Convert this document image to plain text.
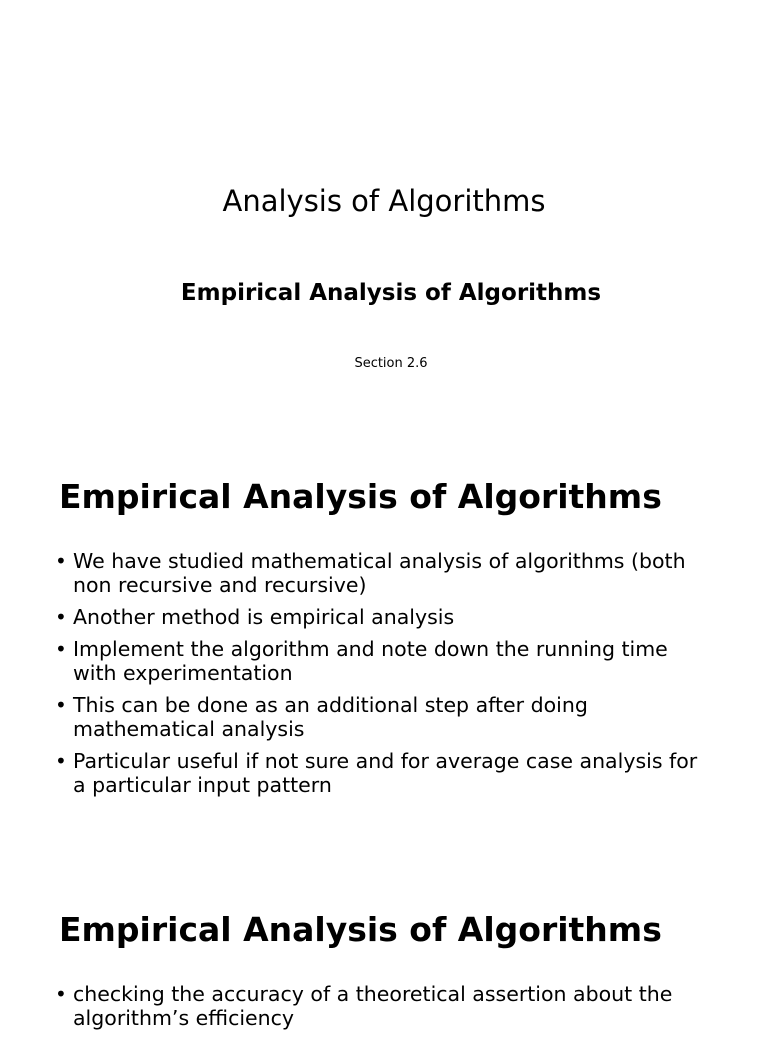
Analysis of Algorithms
Empirical Analysis of Algorithms
Section 2.6
Empirical Analysis of Algorithms
• We have studied mathematical analysis of algorithms (both non recursive and recursive)
• Another method is empirical analysis
• Implement the algorithm and note down the running time with experimentation
• This can be done as an additional step after doing mathematical analysis
• Particular useful if not sure and for average case analysis for a particular input pattern
Empirical Analysis of Algorithms
• checking the accuracy of a theoretical assertion about the algorithm’s efficiency
